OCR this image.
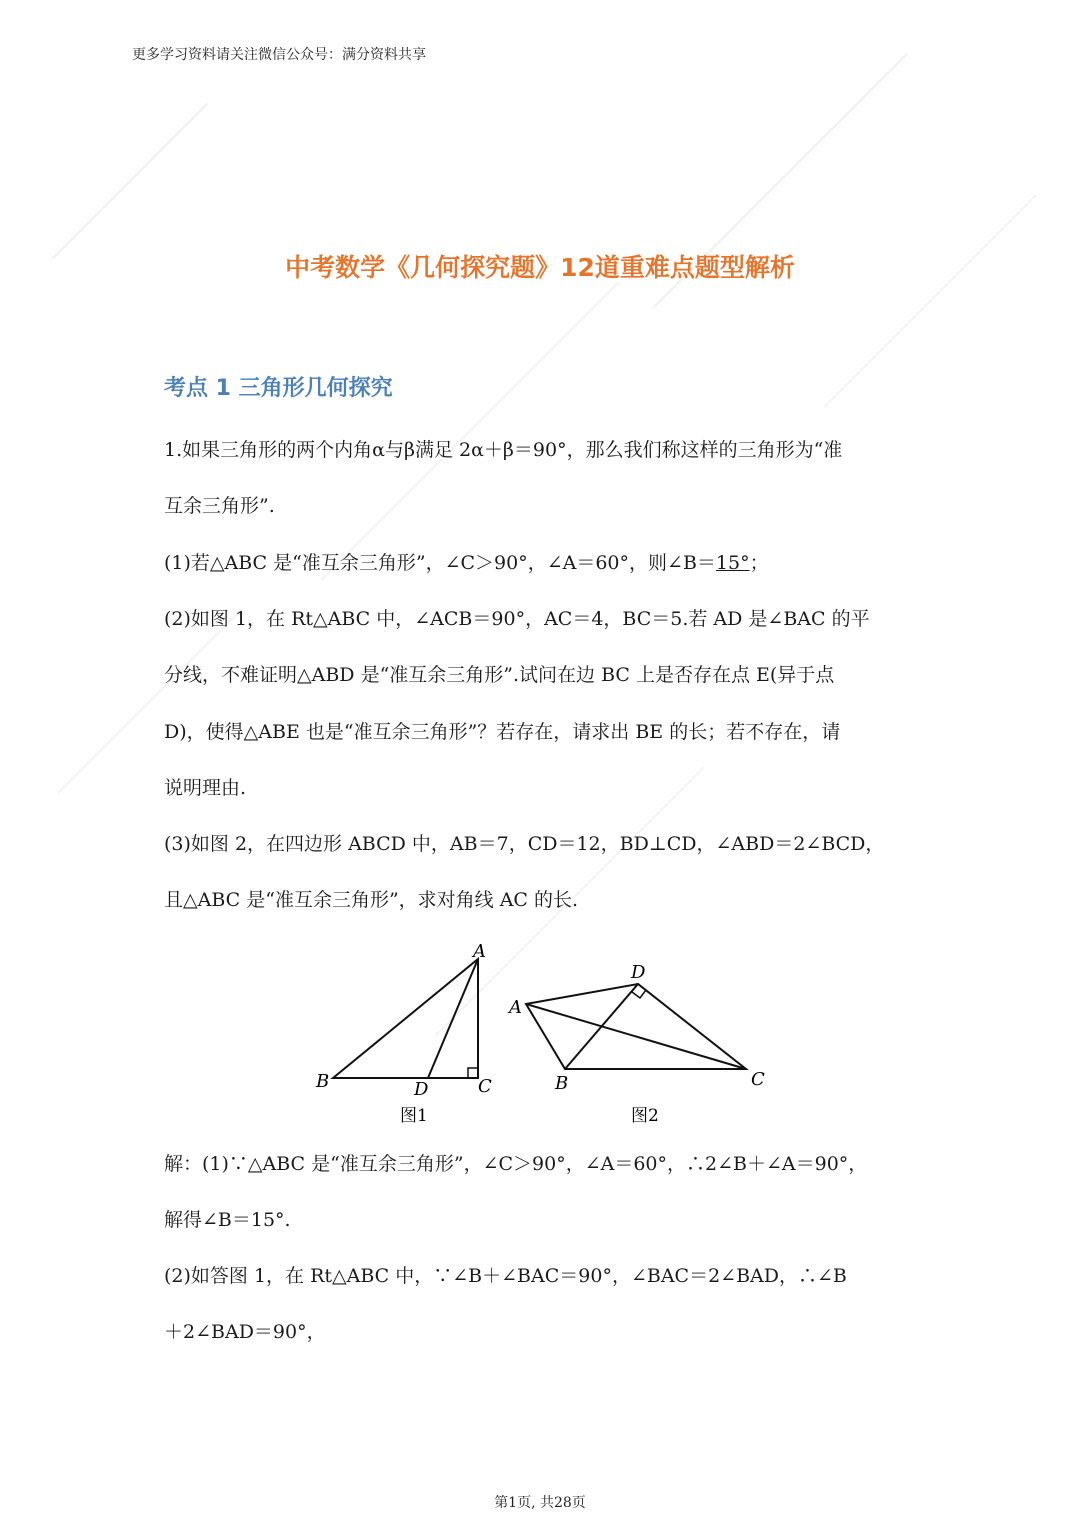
更多学习资料请关注微信公众号：满分资料共享
中考数学《几何探究题》12道重难点题型解析
考点 1 三角形几何探究
1.如果三角形的两个内角α与β满足 2α＋β＝90°，那么我们称这样的三角形为“准
互余三角形”.
(1)若△ABC 是“准互余三角形”，∠C＞90°，∠A＝60°，则∠B＝15°；
(2)如图 1，在 Rt△ABC 中，∠ACB＝90°，AC＝4，BC＝5.若 AD 是∠BAC 的平
分线，不难证明△ABD 是“准互余三角形”.试问在边 BC 上是否存在点 E(异于点
D)，使得△ABE 也是“准互余三角形”？若存在，请求出 BE 的长；若不存在，请
说明理由.
(3)如图 2，在四边形 ABCD 中，AB＝7，CD＝12，BD⊥CD，∠ABD＝2∠BCD，
且△ABC 是“准互余三角形”，求对角线 AC 的长.
A
B	C
D
图1
D
A
B	C
图2
解：(1)∵△ABC 是“准互余三角形”，∠C＞90°，∠A＝60°，∴2∠B＋∠A＝90°，
解得∠B＝15°.
(2)如答图 1，在 Rt△ABC 中，∵∠B＋∠BAC＝90°，∠BAC＝2∠BAD，∴∠B
＋2∠BAD＝90°，
第1页, 共28页
